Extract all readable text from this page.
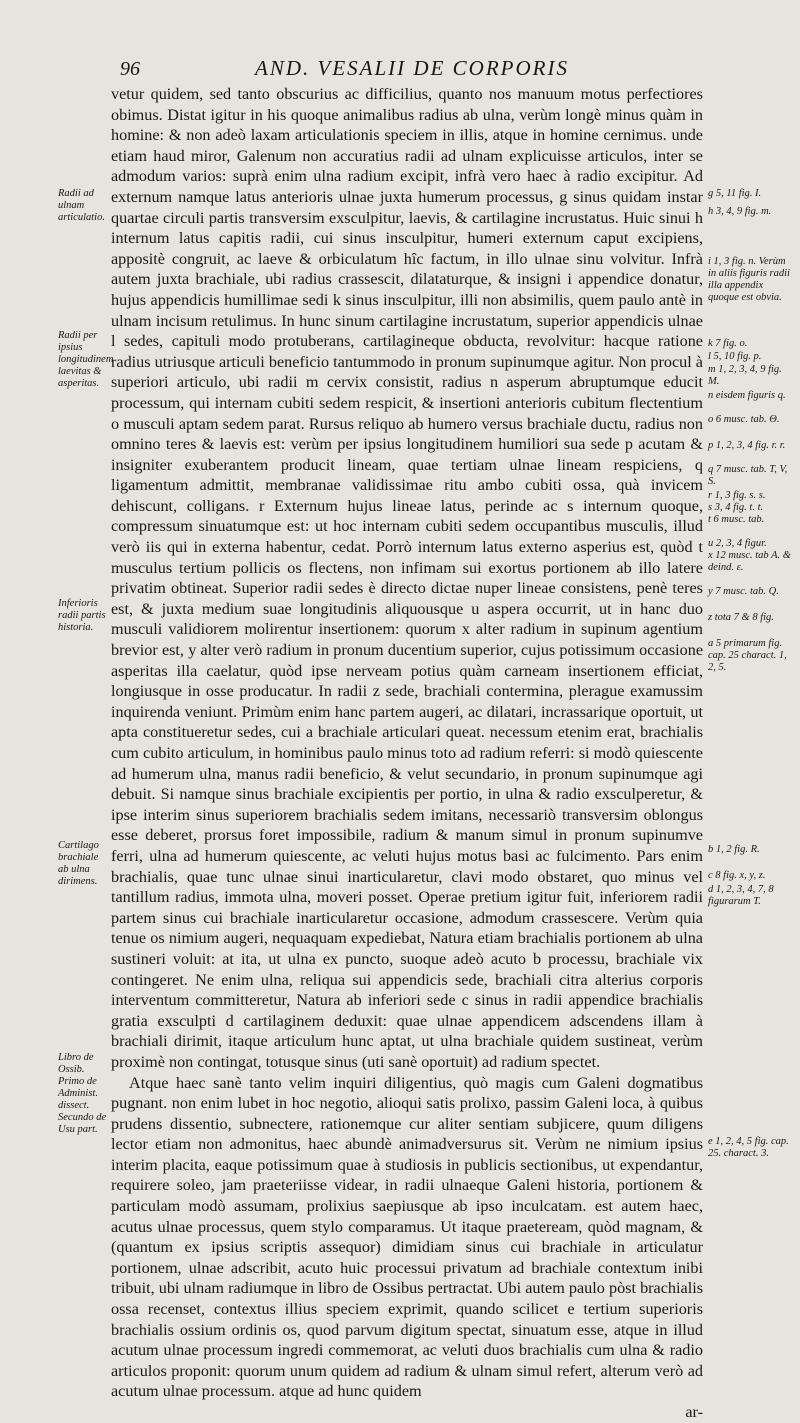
96	AND. VESALII DE CORPORIS

vetur quidem, sed tanto obscurius ac difficilius, quanto nos manuum motus perfectiores obimus. Distat igitur in his quoque animalibus radius ab ulna, verùm longè minus quàm in homine: & non adeò laxam articulationis speciem in illis, atque in homine cernimus. unde etiam haud miror, Galenum non accuratius radii ad ulnam explicuisse articulos, inter se admodum varios: suprà enim ulna radium excipit, infrà vero haec à radio excipitur. Ad externum namque latus anterioris ulnae juxta humerum processus, g sinus quidam instar quartae circuli partis transversim exsculpitur, laevis, & cartilagine incrustatus. Huic sinui h internum latus capitis radii, cui sinus insculpitur, humeri externum caput excipiens, appositè congruit, ac laeve & orbiculatum hîc factum, in illo ulnae sinu volvitur. Infrà autem juxta brachiale, ubi radius crassescit, dilataturque, & insigni i appendice donatur, hujus appendicis humillimae sedi k sinus insculpitur, illi non absimilis, quem paulo antè in ulnam incisum retulimus. In hunc sinum cartilagine incrustatum, superior appendicis ulnae l sedes, capituli modo protuberans, cartilagineque obducta, revolvitur: hacque ratione radius utriusque articuli beneficio tantummodo in pronum supinumque agitur. Non procul à superiori articulo, ubi radii m cervix consistit, radius n asperum abruptumque educit processum, qui internam cubiti sedem respicit, & insertioni anterioris cubitum flectentium o musculi aptam sedem parat. Rursus reliquo ab humero versus brachiale ductu, radius non omnino teres & laevis est: verùm per ipsius longitudinem humiliori sua sede p acutam & insigniter exuberantem producit lineam, quae tertiam ulnae lineam respiciens, q ligamentum admittit, membranae validissimae ritu ambo cubiti ossa, quà invicem dehiscunt, colligans. r Externum hujus lineae latus, perinde ac s internum quoque, compressum sinuatumque est: ut hoc internam cubiti sedem occupantibus musculis, illud verò iis qui in externa habentur, cedat. Porrò internum latus externo asperius est, quòd t musculus tertium pollicis os flectens, non infimam sui exortus portionem ab illo latere privatim obtineat. Superior radii sedes è directo dictae nuper lineae consistens, penè teres est, & juxta medium suae longitudinis aliquousque u aspera occurrit, ut in hanc duo musculi validiorem molirentur insertionem: quorum x alter radium in supinum agentium brevior est, y alter verò radium in pronum ducentium superior, cujus potissimum occasione asperitas illa caelatur, quòd ipse nerveam potius quàm carneam insertionem efficiat, longiusque in osse producatur. In radii z sede, brachiali contermina, plerague examussim inquirenda veniunt. Primùm enim hanc partem augeri, ac dilatari, incrassarique oportuit, ut apta constitueretur sedes, cui a brachiale articulari queat. necessum etenim erat, brachialis cum cubito articulum, in hominibus paulo minus toto ad radium referri: si modò quiescente ad humerum ulna, manus radii beneficio, & velut secundario, in pronum supinumque agi debuit. Si namque sinus brachiale excipientis per portio, in ulna & radio exsculperetur, & ipse interim sinus superiorem brachialis sedem imitans, necessariò transversim oblongus esse deberet, prorsus foret impossibile, radium & manum simul in pronum supinumve ferri, ulna ad humerum quiescente, ac veluti hujus motus basi ac fulcimento. Pars enim brachialis, quae tunc ulnae sinui inarticularetur, clavi modo obstaret, quo minus vel tantillum radius, immota ulna, moveri posset. Operae pretium igitur fuit, inferiorem radii partem sinus cui brachiale inarticularetur occasione, admodum crassescere. Verùm quia tenue os nimium augeri, nequaquam expediebat, Natura etiam brachialis portionem ab ulna sustineri voluit: at ita, ut ulna ex puncto, suoque adeò acuto b processu, brachiale vix contingeret. Ne enim ulna, reliqua sui appendicis sede, brachiali citra alterius corporis interventum committeretur, Natura ab inferiori sede c sinus in radii appendice brachialis gratia exsculpti d cartilaginem deduxit: quae ulnae appendicem adscendens illam à brachiali dirimit, itaque articulum hunc aptat, ut ulna brachiale quidem sustineat, verùm proximè non contingat, totusque sinus (uti sanè oportuit) ad radium spectet.

Atque haec sanè tanto velim inquiri diligentius, quò magis cum Galeni dogmatibus pugnant. non enim lubet in hoc negotio, alioqui satis prolixo, passim Galeni loca, à quibus prudens dissentio, subnectere, rationemque cur aliter sentiam subjicere, quum diligens lector etiam non admonitus, haec abundè animadversurus sit. Verùm ne nimium ipsius interim placita, eaque potissimum quae à studiosis in publicis sectionibus, ut expendantur, requirere soleo, jam praeteriisse videar, in radii ulnaeque Galeni historia, portionem & particulam modò assumam, prolixius saepiusque ab ipso inculcatam. est autem haec, acutus ulnae processus, quem stylo comparamus. Ut itaque praeteream, quòd magnam, & (quantum ex ipsius scriptis assequor) dimidiam sinus cui brachiale in articulatur portionem, ulnae adscribit, acuto huic processui privatum ad brachiale contextum inibi tribuit, ubi ulnam radiumque in libro de Ossibus pertractat. Ubi autem paulo pòst brachialis ossa recenset, contextus illius speciem exprimit, quando scilicet e tertium superioris brachialis ossium ordinis os, quod parvum digitum spectat, sinuatum esse, atque in illud acutum ulnae processum ingredi commemorat, ac veluti duos brachialis cum ulna & radio articulos proponit: quorum unum quidem ad radium & ulnam simul refert, alterum verò ad acutum ulnae processum. atque ad hunc quidem

ar-
Radii ad ulnam articulatio.
Radii per ipsius longitudinem laevitas & asperitas.
Inferioris radii partis historia.
Cartilago brachiale ab ulna dirimens.
Libro de Ossib. Primo de Administ. dissect. Secundo de Usu part.
g 5, 11 fig. I.
h 3, 4, 9 fig. m.
i 1, 3 fig. n. Verùm in aliis figuris radii illa appendix quoque est obvia.
k 7 fig. o.
l 5, 10 fig. p.
m 1, 2, 3, 4, 9 fig. M.
n eisdem figuris q.
o 6 musc. tab. Θ.
p 1, 2, 3, 4 fig. r. r.
q 7 musc. tab. T, V, S.
r 1, 3 fig. s. s.
s 3, 4 fig. t. t.
t 6 musc. tab.
u 2, 3, 4 figur.
x 12 musc. tab A. & deind. ε.
y 7 musc. tab. Q.
z tota 7 & 8 fig.
a 5 primarum fig. cap. 25 charact. 1, 2, 5.
b 1, 2 fig. R.
c 8 fig. x, y, z.
d 1, 2, 3, 4, 7, 8 figurarum T.
e 1, 2, 4, 5 fig. cap. 25. charact. 3.
